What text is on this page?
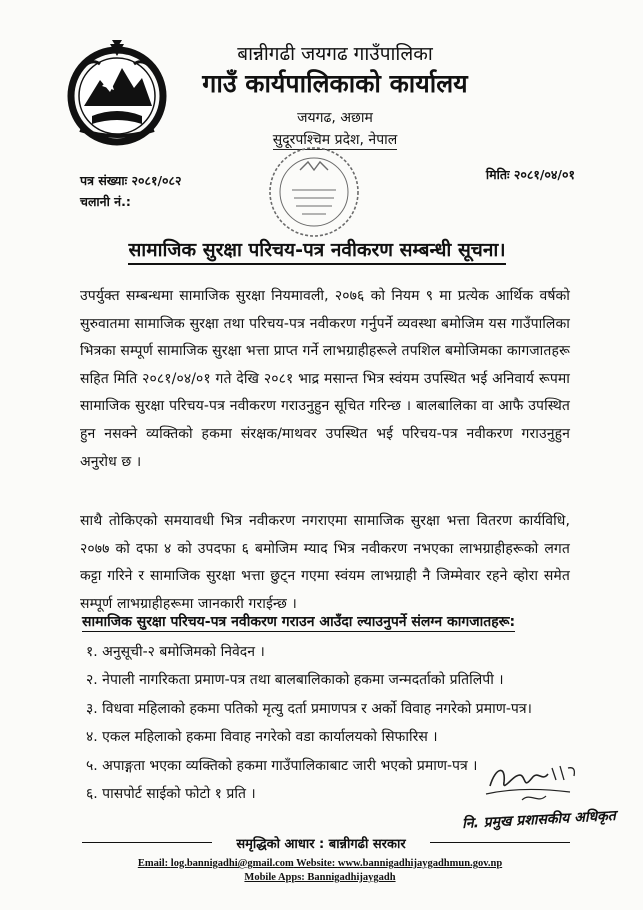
बान्नीगढी जयगढ गाउँपालिका
गाउँ कार्यपालिकाको कार्यालय
जयगढ, अछाम
सुदूरपश्चिम प्रदेश, नेपाल
पत्र संख्याः २०८१/०८२
चलानी नं.:
मितिः २०८१/०४/०१
सामाजिक सुरक्षा परिचय-पत्र नवीकरण सम्बन्धी सूचना।
उपर्युक्त सम्बन्धमा सामाजिक सुरक्षा नियमावली, २०७६ को नियम ९ मा प्रत्येक आर्थिक वर्षको सुरुवातमा सामाजिक सुरक्षा तथा परिचय-पत्र नवीकरण गर्नुपर्ने व्यवस्था बमोजिम यस गाउँपालिका भित्रका सम्पूर्ण सामाजिक सुरक्षा भत्ता प्राप्त गर्ने लाभग्राहीहरूले तपशिल बमोजिमका कागजातहरू सहित मिति २०८१/०४/०१ गते देखि २०८१ भाद्र मसान्त भित्र स्वंयम उपस्थित भई अनिवार्य रूपमा सामाजिक सुरक्षा परिचय-पत्र नवीकरण गराउनुहुन सूचित गरिन्छ । बालबालिका वा आफै उपस्थित हुन नसक्ने व्यक्तिको हकमा संरक्षक/माथवर उपस्थित भई परिचय-पत्र नवीकरण गराउनुहुन अनुरोध छ ।
साथै तोकिएको समयावधी भित्र नवीकरण नगराएमा सामाजिक सुरक्षा भत्ता वितरण कार्यविधि, २०७७ को दफा ४ को उपदफा ६ बमोजिम म्याद भित्र नवीकरण नभएका लाभग्राहीहरूको लगत कट्टा गरिने र सामाजिक सुरक्षा भत्ता छुट्न गएमा स्वंयम लाभग्राही नै जिम्मेवार रहने व्होरा समेत सम्पूर्ण लाभग्राहीहरूमा जानकारी गराईन्छ ।
सामाजिक सुरक्षा परिचय-पत्र नवीकरण गराउन आउँदा ल्याउनुपर्ने संलग्न कागजातहरू:
१. अनुसूची-२ बमोजिमको निवेदन ।
२. नेपाली नागरिकता प्रमाण-पत्र तथा बालबालिकाको हकमा जन्मदर्ताको प्रतिलिपी ।
३. विधवा महिलाको हकमा पतिको मृत्यु दर्ता प्रमाणपत्र र अर्को विवाह नगरेको प्रमाण-पत्र।
४. एकल महिलाको हकमा विवाह नगरेको वडा कार्यालयको सिफारिस ।
५. अपाङ्गता भएका व्यक्तिको हकमा गाउँपालिकाबाट जारी भएको प्रमाण-पत्र ।
६. पासपोर्ट साईको फोटो १ प्रति ।
नि. प्रमुख प्रशासकीय अधिकृत
समृद्धिको आधार : बान्नीगढी सरकार
Email: log.bannigadhi@gmail.com Website: www.bannigadhijaygadhmun.gov.np
Mobile Apps: Bannigadhijaygadh
